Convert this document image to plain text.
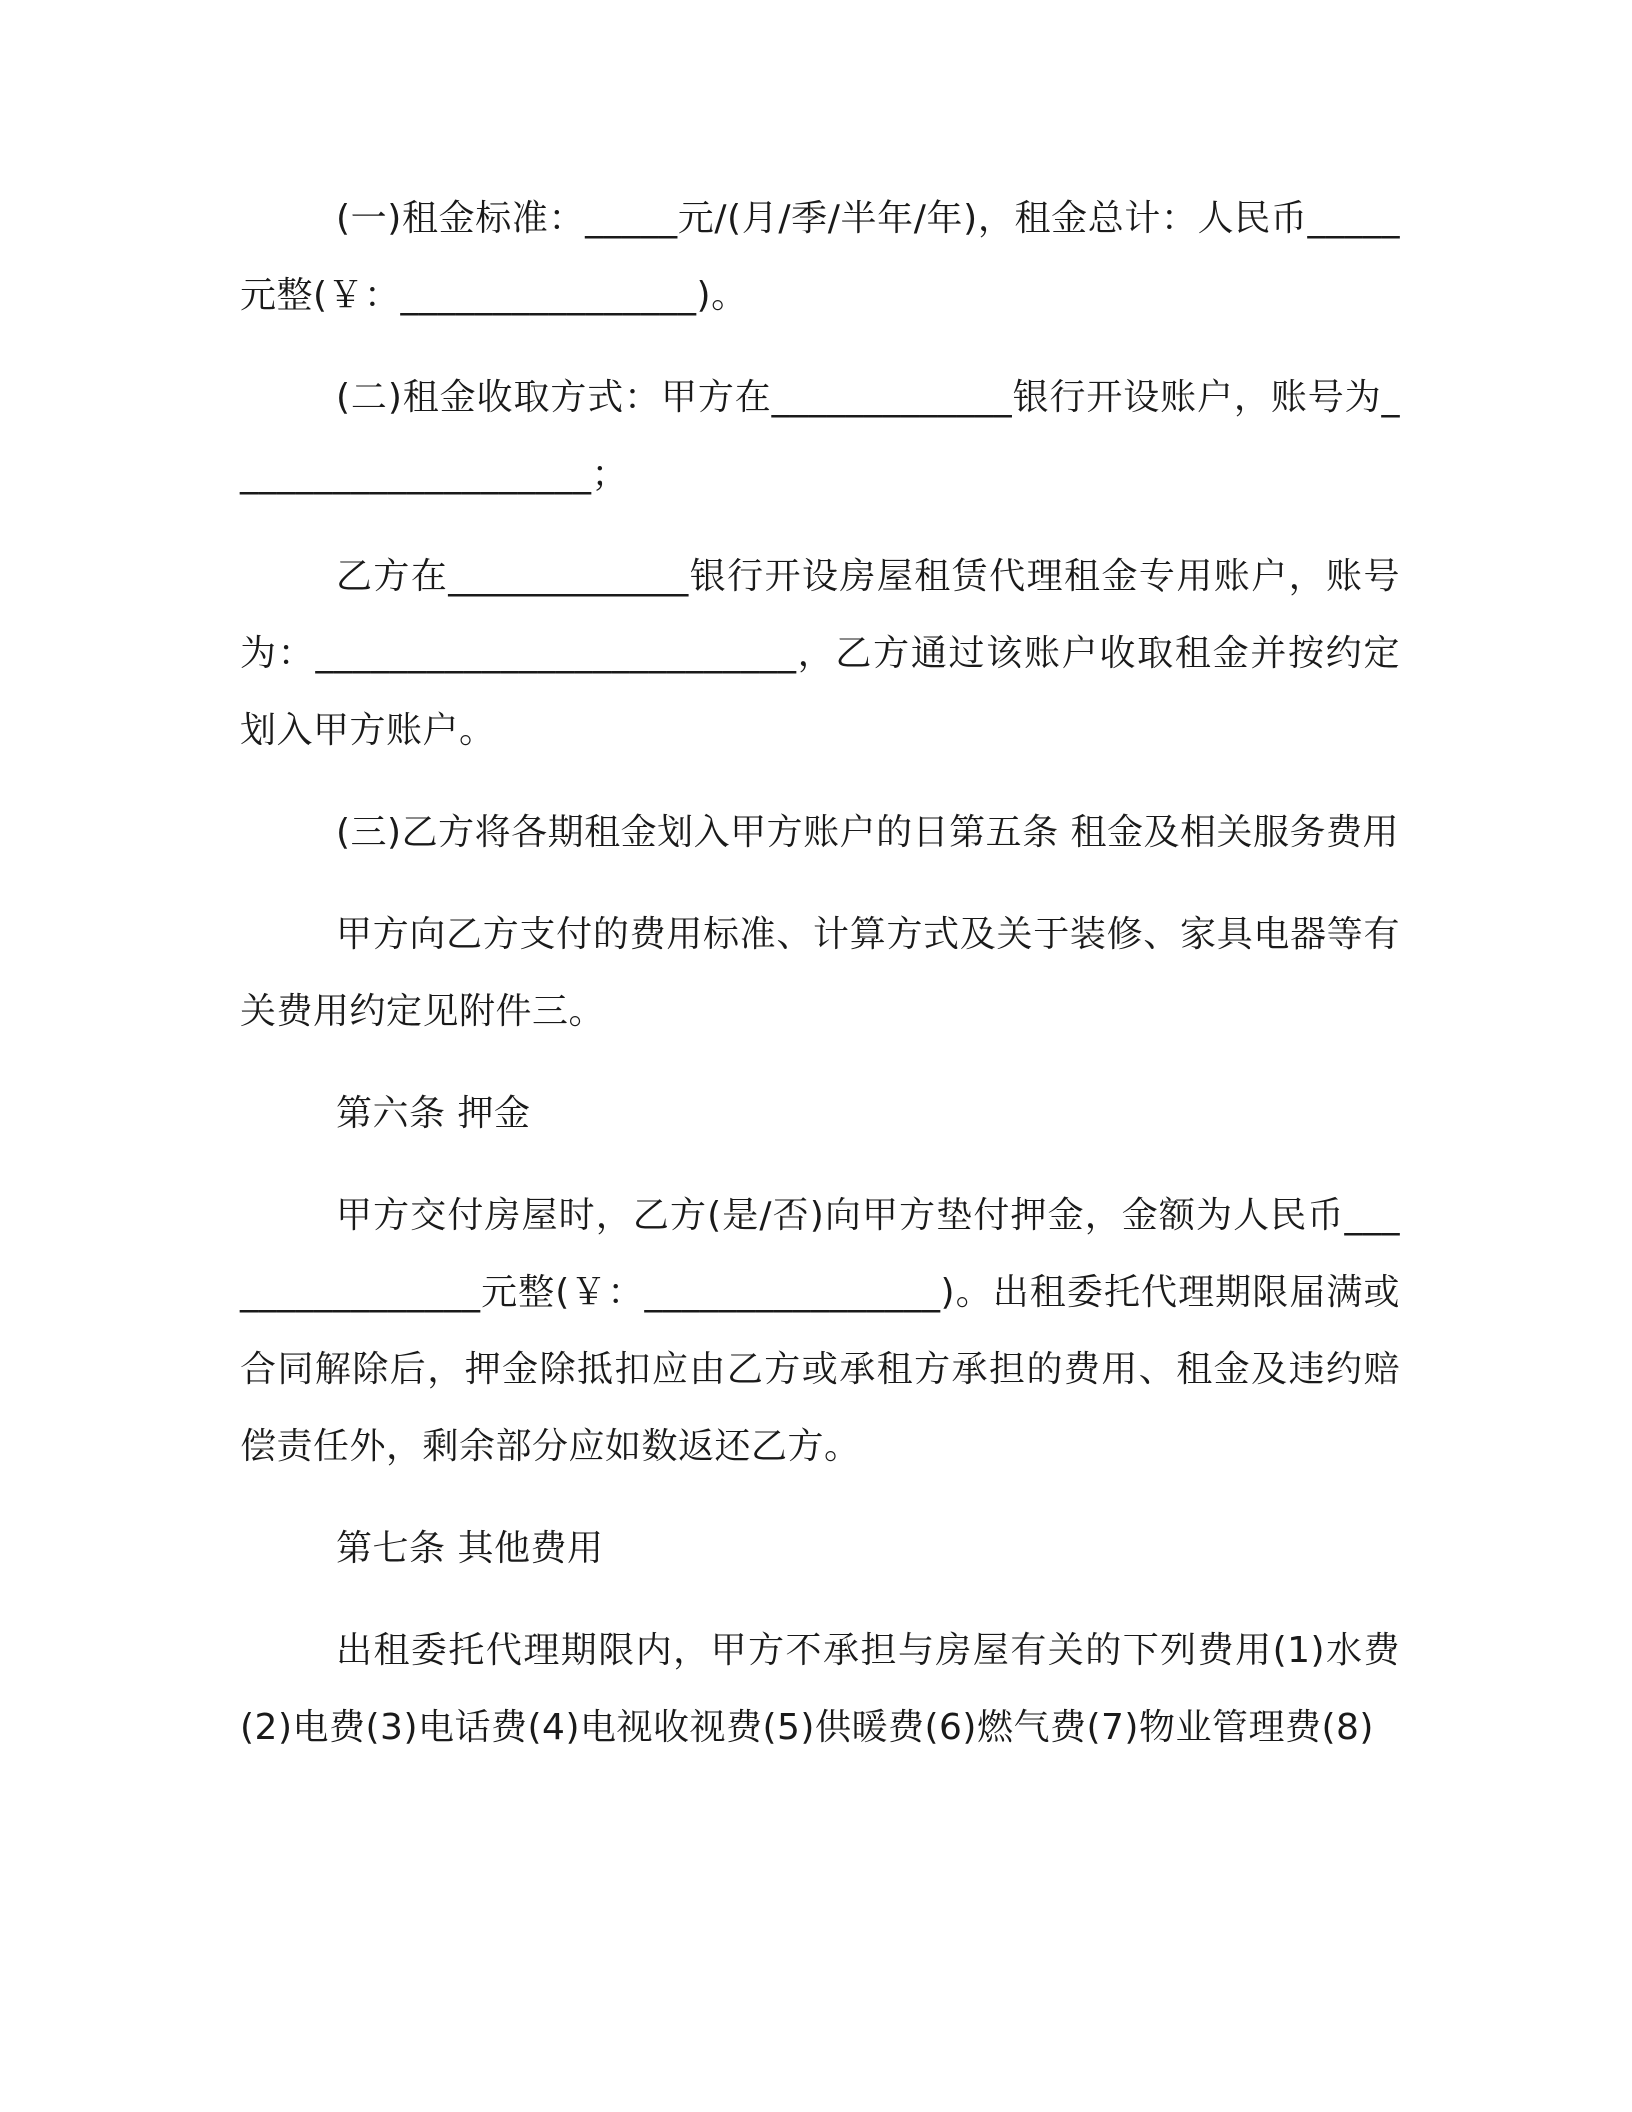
(一)租金标准：_____元/(月/季/半年/年)，租金总计：人民币_____元整(￥：________________)。

(二)租金收取方式：甲方在_____________银行开设账户，账号为____________________；

乙方在_____________银行开设房屋租赁代理租金专用账户，账号为：__________________________，乙方通过该账户收取租金并按约定划入甲方账户。

(三)乙方将各期租金划入甲方账户的日第五条 租金及相关服务费用

甲方向乙方支付的费用标准、计算方式及关于装修、家具电器等有关费用约定见附件三。

第六条 押金

甲方交付房屋时，乙方(是/否)向甲方垫付押金，金额为人民币________________元整(￥：________________)。出租委托代理期限届满或合同解除后，押金除抵扣应由乙方或承租方承担的费用、租金及违约赔偿责任外，剩余部分应如数返还乙方。

第七条 其他费用

出租委托代理期限内，甲方不承担与房屋有关的下列费用(1)水费(2)电费(3)电话费(4)电视收视费(5)供暖费(6)燃气费(7)物业管理费(8)
